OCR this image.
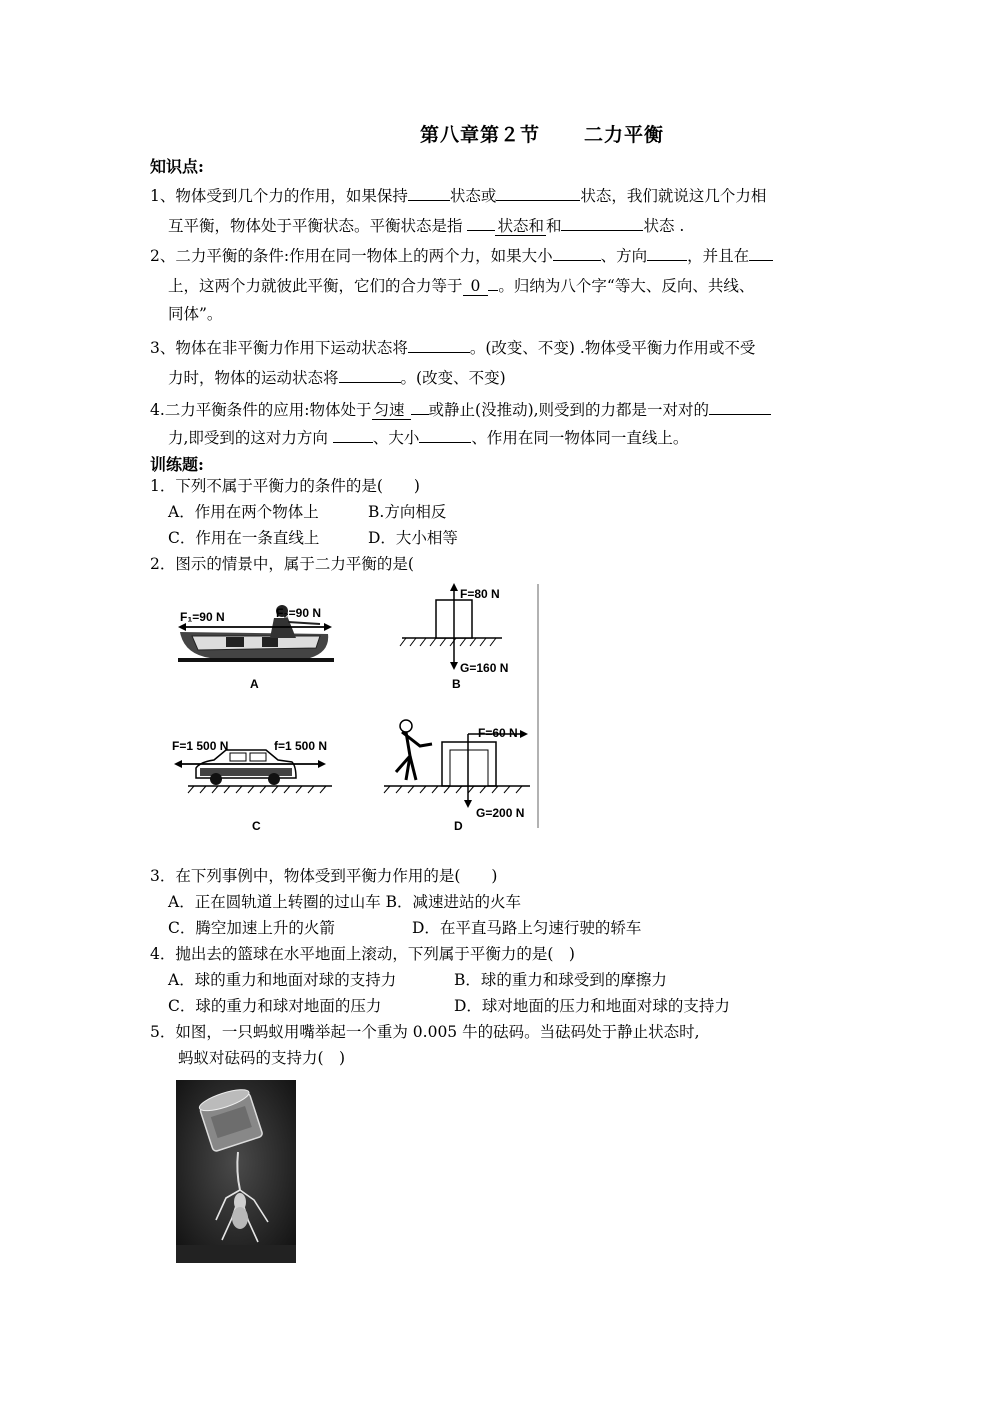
第八章第２节 二力平衡
知识点:
1、物体受到几个力的作用，如果保持	状态或	状态，我们就说这几个力相
互平衡，物体处于平衡状态。平衡状态是指 状态和 和	状态 .
2、二力平衡的条件:作用在同一物体上的两个力，如果大小	、方向	，并且在
上，这两个力就彼此平衡，它们的合力等于 0 。归纳为八个字“等大、反向、共线、
同体”。
3、物体在非平衡力作用下运动状态将	。(改变、不变) .物体受平衡力作用或不受
力时，物体的运动状态将	。(改变、不变)
4.二力平衡条件的应用:物体处于 匀速 或静止(没推动),则受到的力都是一对对的
力,即受到的这对力方向	、大小	、作用在同一物体同一直线上。
训练题:
1．下列不属于平衡力的条件的是(　　)
A．作用在两个物体上	B.方向相反
C．作用在一条直线上	D．大小相等
2．图示的情景中，属于二力平衡的是(
F₁=90 N	F₂=90 N
A
F=80 N
G=160 N
B
F=1 500 N	f=1 500 N
C
F=60 N
G=200 N
D
3．在下列事例中，物体受到平衡力作用的是(　　)
A．正在圆轨道上转圈的过山车 B．减速进站的火车
C．腾空加速上升的火箭	D．在平直马路上匀速行驶的轿车
4．抛出去的篮球在水平地面上滚动，下列属于平衡力的是(　)
A．球的重力和地面对球的支持力	B．球的重力和球受到的摩擦力
C．球的重力和球对地面的压力	D．球对地面的压力和地面对球的支持力
5．如图，一只蚂蚁用嘴举起一个重为 0.005 牛的砝码。当砝码处于静止状态时,
蚂蚁对砝码的支持力(　)
